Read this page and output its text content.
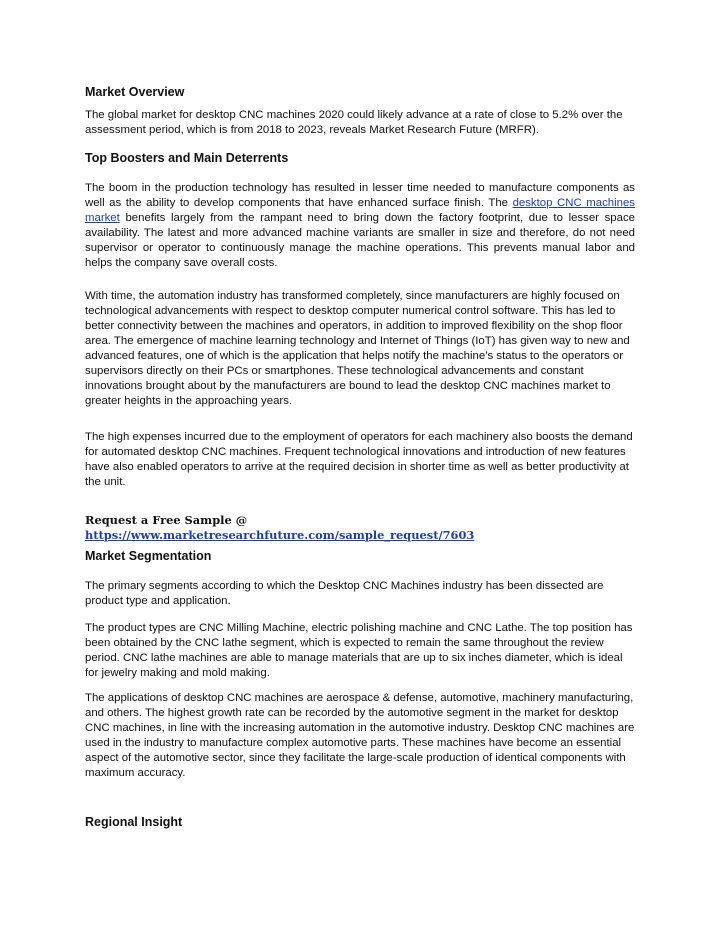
Market Overview

The global market for desktop CNC machines 2020 could likely advance at a rate of close to 5.2% over the assessment period, which is from 2018 to 2023, reveals Market Research Future (MRFR).

Top Boosters and Main Deterrents

The boom in the production technology has resulted in lesser time needed to manufacture components as well as the ability to develop components that have enhanced surface finish. The desktop CNC machines market benefits largely from the rampant need to bring down the factory footprint, due to lesser space availability. The latest and more advanced machine variants are smaller in size and therefore, do not need supervisor or operator to continuously manage the machine operations. This prevents manual labor and helps the company save overall costs.

With time, the automation industry has transformed completely, since manufacturers are highly focused on technological advancements with respect to desktop computer numerical control software. This has led to better connectivity between the machines and operators, in addition to improved flexibility on the shop floor area. The emergence of machine learning technology and Internet of Things (IoT) has given way to new and advanced features, one of which is the application that helps notify the machine’s status to the operators or supervisors directly on their PCs or smartphones. These technological advancements and constant innovations brought about by the manufacturers are bound to lead the desktop CNC machines market to greater heights in the approaching years.

The high expenses incurred due to the employment of operators for each machinery also boosts the demand for automated desktop CNC machines. Frequent technological innovations and introduction of new features have also enabled operators to arrive at the required decision in shorter time as well as better productivity at the unit.

Request a Free Sample @ https://www.marketresearchfuture.com/sample_request/7603

Market Segmentation

The primary segments according to which the Desktop CNC Machines industry has been dissected are product type and application.

The product types are CNC Milling Machine, electric polishing machine and CNC Lathe. The top position has been obtained by the CNC lathe segment, which is expected to remain the same throughout the review period. CNC lathe machines are able to manage materials that are up to six inches diameter, which is ideal for jewelry making and mold making.

The applications of desktop CNC machines are aerospace & defense, automotive, machinery manufacturing, and others. The highest growth rate can be recorded by the automotive segment in the market for desktop CNC machines, in line with the increasing automation in the automotive industry. Desktop CNC machines are used in the industry to manufacture complex automotive parts. These machines have become an essential aspect of the automotive sector, since they facilitate the large-scale production of identical components with maximum accuracy.

Regional Insight
